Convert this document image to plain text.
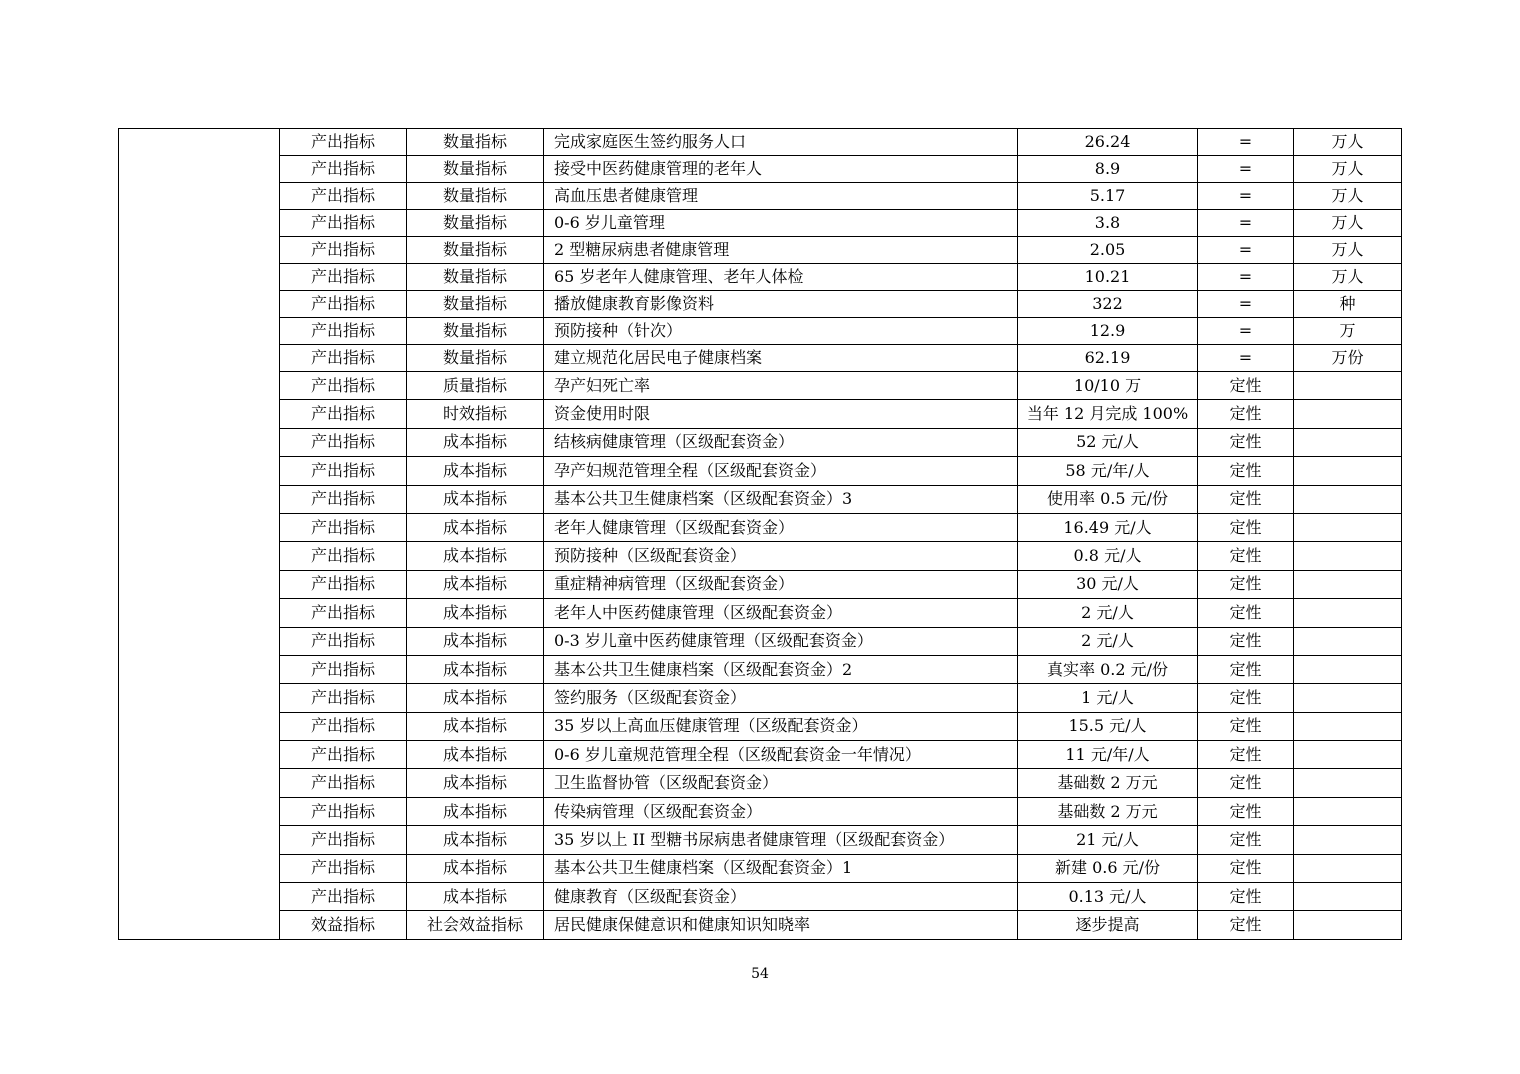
	产出指标	数量指标	完成家庭医生签约服务人口	26.24	=	万人
	产出指标	数量指标	接受中医药健康管理的老年人	8.9	=	万人
	产出指标	数量指标	高血压患者健康管理	5.17	=	万人
	产出指标	数量指标	0-6 岁儿童管理	3.8	=	万人
	产出指标	数量指标	2 型糖尿病患者健康管理	2.05	=	万人
	产出指标	数量指标	65 岁老年人健康管理、老年人体检	10.21	=	万人
	产出指标	数量指标	播放健康教育影像资料	322	=	种
	产出指标	数量指标	预防接种（针次）	12.9	=	万
	产出指标	数量指标	建立规范化居民电子健康档案	62.19	=	万份
	产出指标	质量指标	孕产妇死亡率	10/10 万	定性	
	产出指标	时效指标	资金使用时限	当年 12 月完成 100%	定性	
	产出指标	成本指标	结核病健康管理（区级配套资金）	52 元/人	定性	
	产出指标	成本指标	孕产妇规范管理全程（区级配套资金）	58 元/年/人	定性	
	产出指标	成本指标	基本公共卫生健康档案（区级配套资金）3	使用率 0.5 元/份	定性	
	产出指标	成本指标	老年人健康管理（区级配套资金）	16.49 元/人	定性	
	产出指标	成本指标	预防接种（区级配套资金）	0.8 元/人	定性	
	产出指标	成本指标	重症精神病管理（区级配套资金）	30 元/人	定性	
	产出指标	成本指标	老年人中医药健康管理（区级配套资金）	2 元/人	定性	
	产出指标	成本指标	0-3 岁儿童中医药健康管理（区级配套资金）	2 元/人	定性	
	产出指标	成本指标	基本公共卫生健康档案（区级配套资金）2	真实率 0.2 元/份	定性	
	产出指标	成本指标	签约服务（区级配套资金）	1 元/人	定性	
	产出指标	成本指标	35 岁以上高血压健康管理（区级配套资金）	15.5 元/人	定性	
	产出指标	成本指标	0-6 岁儿童规范管理全程（区级配套资金一年情况）	11 元/年/人	定性	
	产出指标	成本指标	卫生监督协管（区级配套资金）	基础数 2 万元	定性	
	产出指标	成本指标	传染病管理（区级配套资金）	基础数 2 万元	定性	
	产出指标	成本指标	35 岁以上 II 型糖书尿病患者健康管理（区级配套资金）	21 元/人	定性	
	产出指标	成本指标	基本公共卫生健康档案（区级配套资金）1	新建 0.6 元/份	定性	
	产出指标	成本指标	健康教育（区级配套资金）	0.13 元/人	定性	
	效益指标	社会效益指标	居民健康保健意识和健康知识知晓率	逐步提高	定性	
54
